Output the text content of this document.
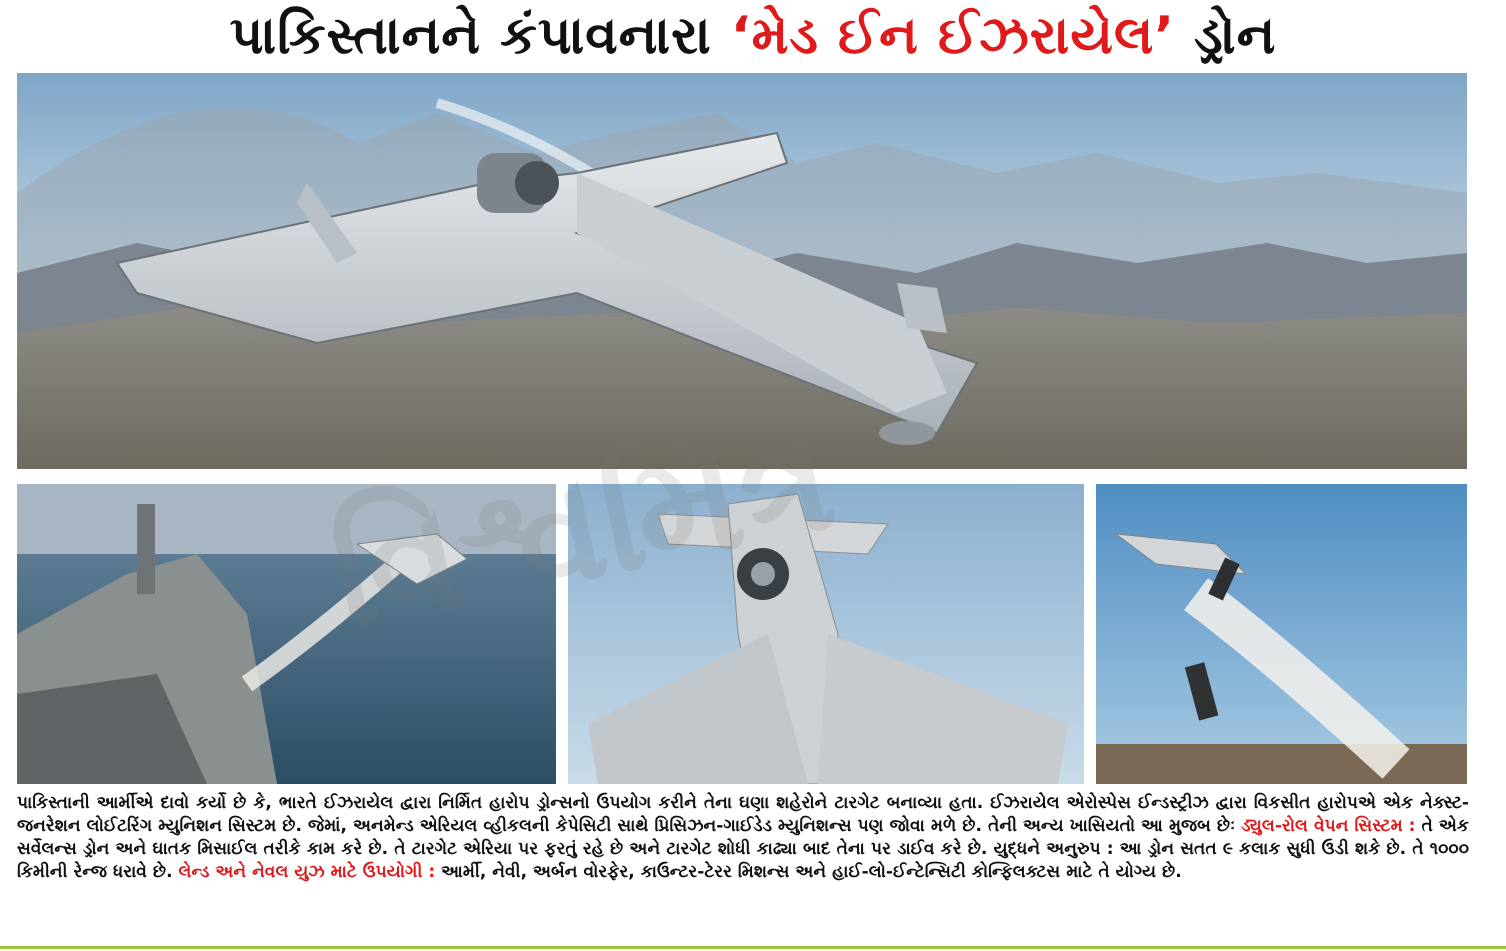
પાકિસ્તાનને કંપાવનારા ‘મેડ ઈન ઈઝરાયેલ’ ડ્રોન
પાકિસ્તાની આર્મીએ દાવો કર્યો છે કે, ભારતે ઈઝરાયેલ દ્વારા નિર્મિત હારોપ ડ્રોન્સનો ઉપયોગ કરીને તેના ઘણા શહેરોને ટારગેટ બનાવ્યા હતા. ઈઝરાયેલ એરોસ્પેસ ઈન્ડસ્ટ્રીઝ દ્વારા વિકસીત હારોપએ એક નેક્સ્ટ-જનરેશન લોઈટરિંગ મ્યુનિશન સિસ્ટમ છે. જેમાં, અનમેન્ડ એરિયલ વ્હીકલની કેપેસિટી સાથે પ્રિસિઝન-ગાઈડેડ મ્યુનિશન્સ પણ જોવા મળે છે. તેની અન્ય ખાસિયતો આ મુજબ છેઃ ડ્યુલ-રોલ વેપન સિસ્ટમ : તે એક સર્વેલન્સ ડ્રોન અને ઘાતક મિસાઈલ તરીકે કામ કરે છે. તે ટારગેટ એરિયા પર ફરતું રહે છે અને ટારગેટ શોધી કાઢ્યા બાદ તેના પર ડાઈવ કરે છે. યુદ્ધને અનુરુપ : આ ડ્રોન સતત ૯ કલાક સુધી ઉડી શકે છે. તે ૧૦૦૦ કિમીની રેન્જ ધરાવે છે. લેન્ડ અને નેવલ યુઝ માટે ઉપયોગી : આર્મી, નેવી, અર્બન વોરફેર, કાઉન્ટર-ટેરર મિશન્સ અને હાઈ-લો-ઈન્ટેન્સિટી કોન્ફિલક્ટસ માટે તે યોગ્ય છે.
